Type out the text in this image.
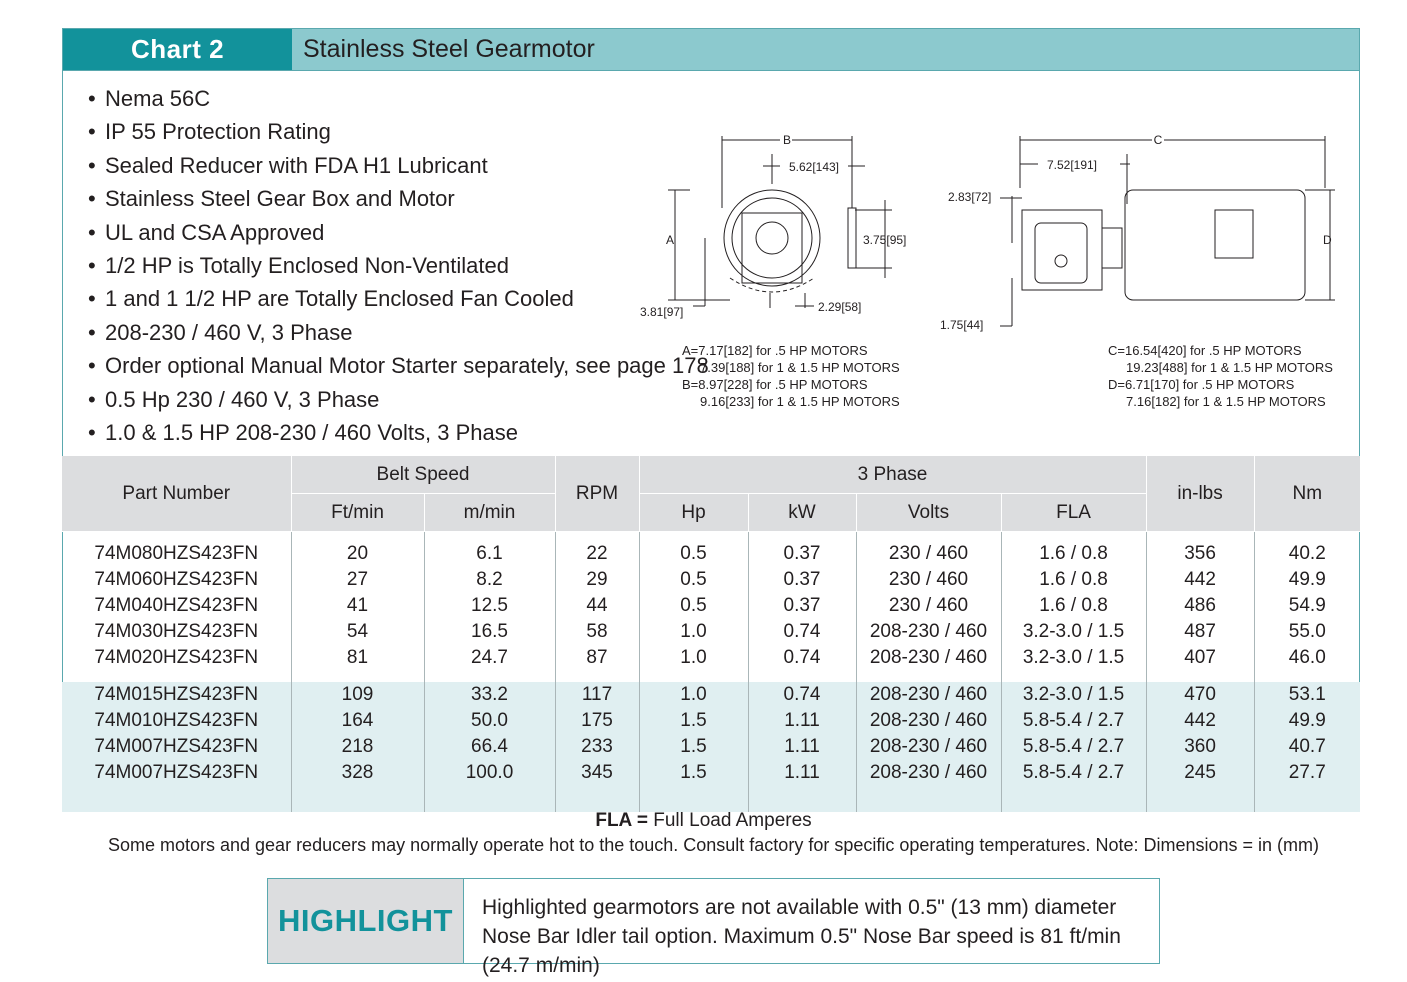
Chart 2	Stainless Steel Gearmotor
• Nema 56C
• IP 55 Protection Rating
• Sealed Reducer with FDA H1 Lubricant
• Stainless Steel Gear Box and Motor
• UL and CSA Approved
• 1/2 HP is Totally Enclosed Non-Ventilated
• 1 and 1 1/2 HP are Totally Enclosed Fan Cooled
• 208-230 / 460 V, 3 Phase
• Order optional Manual Motor Starter separately, see page 178
• 0.5 Hp 230 / 460 V, 3 Phase
• 1.0 & 1.5 HP 208-230 / 460 Volts, 3 Phase
B
5.62[143]
3.75[95]
A
3.81[97]	2.29[58]
C
7.52[191]
2.83[72]
D
1.75[44]
A=7.17[182] for .5 HP MOTORS
7.39[188] for 1 & 1.5 HP MOTORS
B=8.97[228] for .5 HP MOTORS
9.16[233] for 1 & 1.5 HP MOTORS
C=16.54[420] for .5 HP MOTORS
19.23[488] for 1 & 1.5 HP MOTORS
D=6.71[170] for .5 HP MOTORS
7.16[182] for 1 & 1.5 HP MOTORS
Part Number	Belt Speed		RPM	3 Phase				in-lbs	Nm
	Ft/min	m/min		Hp	kW	Volts	FLA		

74M080HZS423FN	20	6.1	22	0.5	0.37	230 / 460	1.6 / 0.8	356	40.2
74M060HZS423FN	27	8.2	29	0.5	0.37	230 / 460	1.6 / 0.8	442	49.9
74M040HZS423FN	41	12.5	44	0.5	0.37	230 / 460	1.6 / 0.8	486	54.9
74M030HZS423FN	54	16.5	58	1.0	0.74	208-230 / 460	3.2-3.0 / 1.5	487	55.0
74M020HZS423FN	81	24.7	87	1.0	0.74	208-230 / 460	3.2-3.0 / 1.5	407	46.0

74M015HZS423FN	109	33.2	117	1.0	0.74	208-230 / 460	3.2-3.0 / 1.5	470	53.1
74M010HZS423FN	164	50.0	175	1.5	1.11	208-230 / 460	5.8-5.4 / 2.7	442	49.9
74M007HZS423FN	218	66.4	233	1.5	1.11	208-230 / 460	5.8-5.4 / 2.7	360	40.7
74M007HZS423FN	328	100.0	345	1.5	1.11	208-230 / 460	5.8-5.4 / 2.7	245	27.7

FLA = Full Load Amperes
Some motors and gear reducers may normally operate hot to the touch. Consult factory for specific operating temperatures. Note: Dimensions = in (mm)
HIGHLIGHT	Highlighted gearmotors are not available with 0.5" (13 mm) diameter Nose Bar Idler tail option. Maximum 0.5" Nose Bar speed is 81 ft/min (24.7 m/min)
